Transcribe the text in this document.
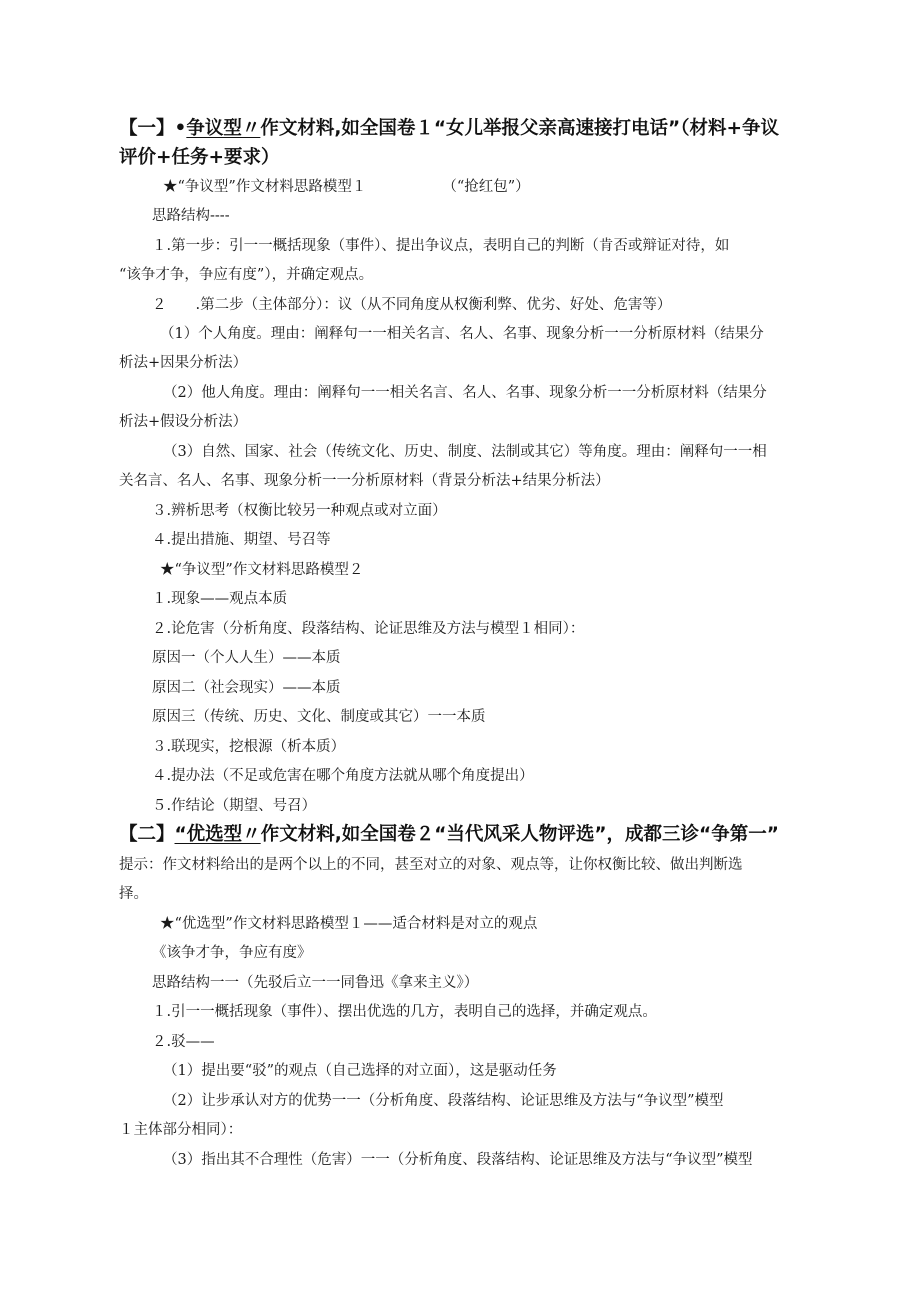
【一】•争议型〃作文材料,如全国卷１“女儿举报父亲高速接打电话”（材料+争议
评价+任务+要求）
★“争议型”作文材料思路模型１	（“抢红包”）
思路结构----
１.第一步：引一一概括现象（事件）、提出争议点，表明自己的判断（肯否或辩证对待，如
“该争才争，争应有度”），并确定观点。
２　　.第二步（主体部分）：议（从不同角度从权衡利弊、优劣、好处、危害等）
（1）个人角度。理由：阐释句一一相关名言、名人、名事、现象分析一一分析原材料（结果分
析法+因果分析法）
（2）他人角度。理由：阐释句一一相关名言、名人、名事、现象分析一一分析原材料（结果分
析法+假设分析法）
（3）自然、国家、社会（传统文化、历史、制度、法制或其它）等角度。理由：阐释句一一相
关名言、名人、名事、现象分析一一分析原材料（背景分析法+结果分析法）
３.辨析思考（权衡比较另一种观点或对立面）
４.提出措施、期望、号召等
★“争议型”作文材料思路模型２
１.现象——观点本质
２.论危害（分析角度、段落结构、论证思维及方法与模型１相同）：
原因一（个人人生）——本质
原因二（社会现实）——本质
原因三（传统、历史、文化、制度或其它）一一本质
３.联现实，挖根源（析本质）
４.提办法（不足或危害在哪个角度方法就从哪个角度提出）
５.作结论（期望、号召）
【二】“优选型〃作文材料,如全国卷２“当代风采人物评选”，成都三诊“争第一”
提示：作文材料给出的是两个以上的不同，甚至对立的对象、观点等，让你权衡比较、做出判断选
择。
★“优选型”作文材料思路模型１——适合材料是对立的观点
《该争才争，争应有度》
思路结构一一（先驳后立一一同鲁迅《拿来主义》）
１.引一一概括现象（事件）、摆出优选的几方，表明自己的选择，并确定观点。
２.驳——
（1）提出要“驳”的观点（自己选择的对立面），这是驱动任务
（2）让步承认对方的优势一一（分析角度、段落结构、论证思维及方法与“争议型”模型
１主体部分相同）：
（3）指出其不合理性（危害）一一（分析角度、段落结构、论证思维及方法与“争议型”模型
